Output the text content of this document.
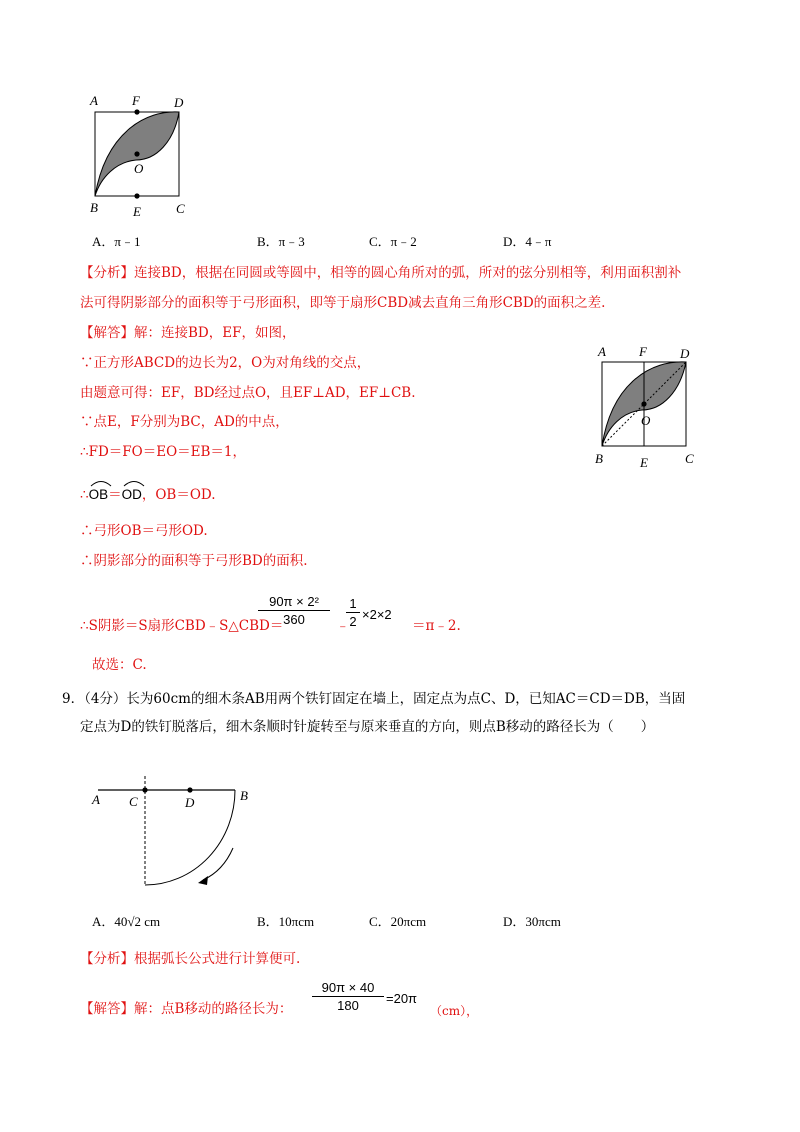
A	F	D
O
B	E	C
A．π﹣1	B．π﹣3	C．π﹣2	D．4﹣π
【分析】连接BD，根据在同圆或等圆中，相等的圆心角所对的弧，所对的弦分别相等，利用面积割补
法可得阴影部分的面积等于弓形面积，即等于扇形CBD减去直角三角形CBD的面积之差.
【解答】解：连接BD，EF，如图，
∵正方形ABCD的边长为2，O为对角线的交点，
由题意可得：EF，BD经过点O，且EF⊥AD，EF⊥CB.
∵点E，F分别为BC，AD的中点，
∴FD＝FO＝EO＝EB＝1，
∴
OB＝
OD，OB＝OD.
∴弓形OB＝弓形OD.
∴阴影部分的面积等于弓形BD的面积.
A	F	D
O
B	E	C
∴S阴影＝S扇形CBD﹣S△CBD＝
90π × 2²
360	﹣
1
2 ×2×2
＝π﹣2.
故选：C.
9．（4分）长为60cm的细木条AB用两个铁钉固定在墙上，固定点为点C、D，已知AC＝CD＝DB，当固
定点为D的铁钉脱落后，细木条顺时针旋转至与原来垂直的方向，则点B移动的路径长为（　　）
A C	D	B
A．40√2 cm	B．10πcm	C．20πcm	D．30πcm
【分析】根据弧长公式进行计算便可.
【解答】解：点B移动的路径长为：
90π × 40
180	=20π
（cm），
